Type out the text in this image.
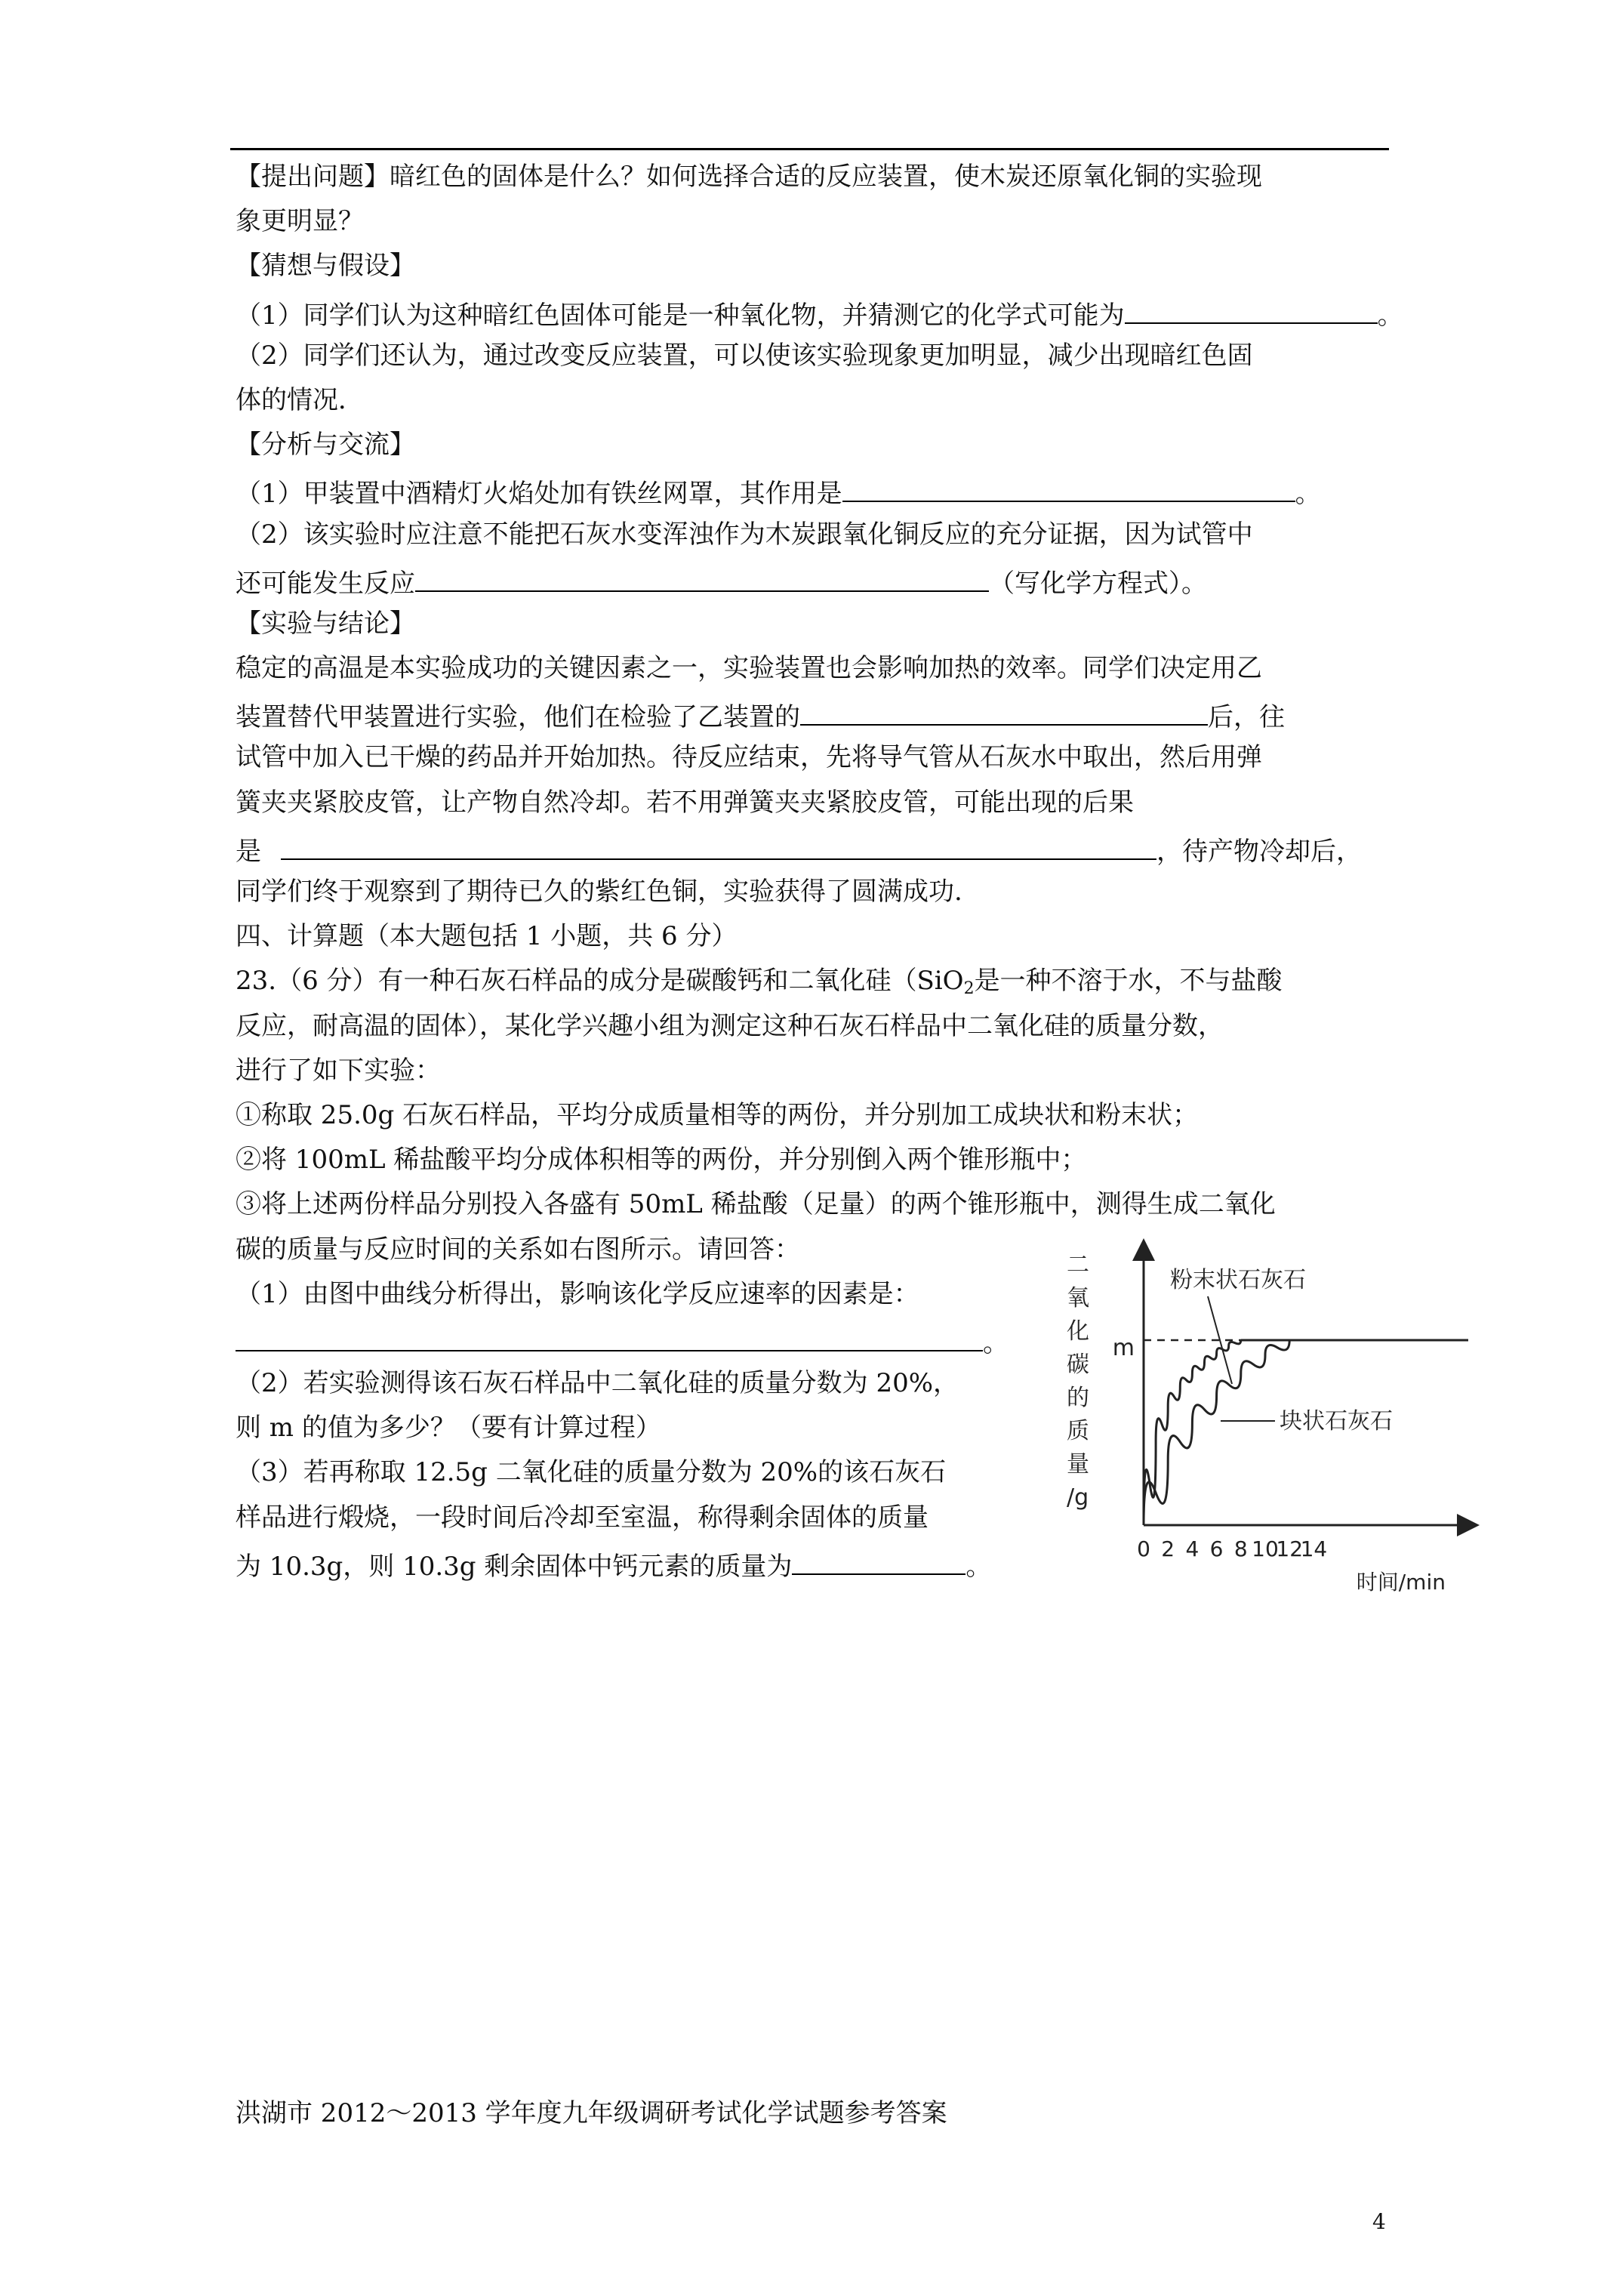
【提出问题】暗红色的固体是什么？如何选择合适的反应装置，使木炭还原氧化铜的实验现
象更明显？
【猜想与假设】
（1）同学们认为这种暗红色固体可能是一种氧化物，并猜测它的化学式可能为	。
（2）同学们还认为，通过改变反应装置，可以使该实验现象更加明显，减少出现暗红色固
体的情况．
【分析与交流】
（1）甲装置中酒精灯火焰处加有铁丝网罩，其作用是	。
（2）该实验时应注意不能把石灰水变浑浊作为木炭跟氧化铜反应的充分证据，因为试管中
还可能发生反应	（写化学方程式）。
【实验与结论】
稳定的高温是本实验成功的关键因素之一，实验装置也会影响加热的效率。同学们决定用乙
装置替代甲装置进行实验，他们在检验了乙装置的	后，往
试管中加入已干燥的药品并开始加热。待反应结束，先将导气管从石灰水中取出，然后用弹
簧夹夹紧胶皮管，让产物自然冷却。若不用弹簧夹夹紧胶皮管，可能出现的后果
是	，待产物冷却后，
同学们终于观察到了期待已久的紫红色铜，实验获得了圆满成功.
四、计算题（本大题包括 1 小题，共 6 分）
23.（6 分）有一种石灰石样品的成分是碳酸钙和二氧化硅（SiO$_2$是一种不溶于水，不与盐酸
反应，耐高温的固体），某化学兴趣小组为测定这种石灰石样品中二氧化硅的质量分数，
进行了如下实验：
①称取 25.0g 石灰石样品，平均分成质量相等的两份，并分别加工成块状和粉末状；
②将 100mL 稀盐酸平均分成体积相等的两份，并分别倒入两个锥形瓶中；
③将上述两份样品分别投入各盛有 50mL 稀盐酸（足量）的两个锥形瓶中，测得生成二氧化
碳的质量与反应时间的关系如右图所示。请回答：
（1）由图中曲线分析得出，影响该化学反应速率的因素是：
。
（2）若实验测得该石灰石样品中二氧化硅的质量分数为 20%，
则 m 的值为多少？（要有计算过程）
（3）若再称取 12.5g 二氧化硅的质量分数为 20%的该石灰石
样品进行煅烧，一段时间后冷却至室温，称得剩余固体的质量
为 10.3g，则 10.3g 剩余固体中钙元素的质量为	。
二 氧 化 碳 的 质 量 /g
m
0 2 4 6 8 10
12
14
时间/min
粉末状石灰石
块状石灰石
洪湖市 2012～2013 学年度九年级调研考试化学试题参考答案
4
